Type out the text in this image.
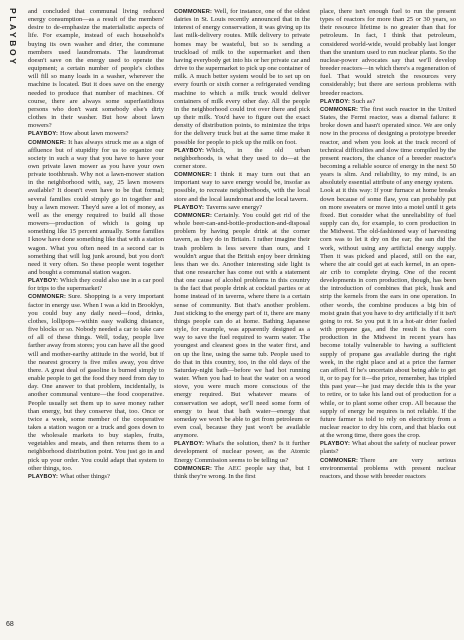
PLAYBOY
68

and concluded that communal living reduced energy consumption—as a result of the members' desire to de-emphasize the materialistic aspects of life. For example, instead of each household's buying its own washer and drier, the commune members used laundromats. The laundromat doesn't save on the energy used to operate the equipment; a certain number of people's clothes will fill so many loads in a washer, wherever the machine is located. But it does save on the energy needed to produce that number of machines. Of course, there are always some superfastidious persons who don't want somebody else's dirty clothes in their washer. But how about lawn mowers?

PLAYBOY: How about lawn mowers?

COMMONER: It has always struck me as a sign of affluence but of stupidity for us to organize our society in such a way that you have to have your own private lawn mower as you have your own private toothbrush. Why not a lawn-mower station in the neighborhood with, say, 25 lawn mowers available? It doesn't even have to be that formal; several families could simply go in together and buy a lawn mower. They'd save a lot of money, as well as the energy required to build all those mowers—production of which is going up something like 15 percent annually. Some families I know have done something like that with a station wagon. What you often need in a second car is something that will lug junk around, but you don't need it very often. So these people went together and bought a communal station wagon.

PLAYBOY: Which they could also use in a car pool for trips to the supermarket?

COMMONER: Sure. Shopping is a very important factor in energy use. When I was a kid in Brooklyn, you could buy any daily need—food, drinks, clothes, lollipops—within easy walking distance, five blocks or so. Nobody needed a car to take care of all of these things. Well, today, people live farther away from stores; you can have all the good will and mother-earthy attitude in the world, but if the nearest grocery is five miles away, you drive there. A great deal of gasoline is burned simply to enable people to get the food they need from day to day. One answer to that problem, incidentally, is another communal venture—the food cooperative. People usually set them up to save money rather than energy, but they conserve that, too. Once or twice a week, some member of the cooperative takes a station wagon or a truck and goes down to the wholesale markets to buy staples, fruits, vegetables and meats, and then returns them to a neighborhood distribution point. You just go in and pick up your order. You could adapt that system to other things, too.

PLAYBOY: What other things?

COMMONER: Well, for instance, one of the oldest dairies in St. Louis recently announced that in the interest of energy conservation, it was giving up its last milk-delivery routes. Milk delivery to private homes may be wasteful, but so is sending a truckload of milk to the supermarket and then having everybody get into his or her private car and drive to the supermarket to pick up one container of milk. A much better system would be to set up on every fourth or sixth corner a refrigerated vending machine to which a milk truck would deliver containers of milk every other day. All the people in the neighborhood could trot over there and pick up their milk. You'd have to figure out the exact density of distribution points, to minimize the trips for the delivery truck but at the same time make it possible for people to pick up the milk on foot.

PLAYBOY: Which, in the old urban neighborhoods, is what they used to do—at the corner store.

COMMONER: I think it may turn out that an important way to save energy would be, insofar as possible, to recreate neighborhoods, with the local store and the local laundromat and the local tavern.

PLAYBOY: Taverns save energy?

COMMONER: Certainly. You could get rid of the whole beer-can-and-bottle-production-and-disposal problem by having people drink at the corner tavern, as they do in Britain. I rather imagine their trash problem is less severe than ours, and I wouldn't argue that the British enjoy beer drinking less than we do. Another interesting side light is that one researcher has come out with a statement that one cause of alcohol problems in this country is the fact that people drink at cocktail parties or at home instead of in taverns, where there is a certain sense of community. But that's another problem. Just sticking to the energy part of it, there are many things people can do at home. Bathing Japanese style, for example, was apparently designed as a way to save the fuel required to warm water. The youngest and cleanest goes in the water first, and on up the line, using the same tub. People used to do that in this country, too, in the old days of the Saturday-night bath—before we had hot running water. When you had to heat the water on a wood stove, you were much more conscious of the energy required. But whatever means of conservation we adopt, we'll need some form of energy to heat that bath water—energy that someday we won't be able to get from petroleum or even coal, because they just won't be available anymore.

PLAYBOY: What's the solution, then? Is it further development of nuclear power, as the Atomic Energy Commission seems to be telling us?

COMMONER: The AEC people say that, but I think they're wrong. In the first

place, there isn't enough fuel to run the present types of reactors for more than 25 or 30 years, so their resource lifetime is no greater than that for petroleum. In fact, I think that petroleum, considered world-wide, would probably last longer than the uranium used to run nuclear plants. So the nuclear-power advocates say that we'll develop breeder reactors—in which there's a regeneration of fuel. That would stretch the resources very considerably; but there are serious problems with breeder reactors.

PLAYBOY: Such as?

COMMONER: The first such reactor in the United States, the Fermi reactor, was a dismal failure: it broke down and hasn't operated since. We are only now in the process of designing a prototype breeder reactor, and when you look at the track record of technical difficulties and slow time compiled by the present reactors, the chance of a breeder reactor's becoming a reliable source of energy in the next 50 years is slim. And reliability, to my mind, is an absolutely essential attribute of any energy system.

Look at it this way: If your furnace at home breaks down because of some flaw, you can probably put on more sweaters or move into a motel until it gets fixed. But consider what the unreliability of fuel supply can do, for example, to corn production in the Midwest. The old-fashioned way of harvesting corn was to let it dry on the ear; the sun did the work, without using any artificial energy supply. Then it was picked and placed, still on the ear, where the air could get at each kernel, in an open-air crib to complete drying. One of the recent developments in corn production, though, has been the introduction of combines that pick, husk and strip the kernels from the ears in one operation. In other words, the combine produces a big bin of moist grain that you have to dry artificially if it isn't going to rot. So you put it in a hot-air drier fueled with propane gas, and the result is that corn production in the Midwest in recent years has become totally vulnerable to having a sufficient supply of propane gas available during the right week, in the right place and at a price the farmer can afford. If he's uncertain about being able to get it, or to pay for it—the price, remember, has tripled this past year—he just may decide this is the year to retire, or to take his land out of production for a while, or to plant some other crop. All because the supply of energy he requires is not reliable. If the future farmer is told to rely on electricity from a nuclear reactor to dry his corn, and that blacks out at the wrong time, there goes the crop.

PLAYBOY: What about the safety of nuclear power plants?

COMMONER: There are very serious environmental problems with present nuclear reactors, and those with breeder reactors
